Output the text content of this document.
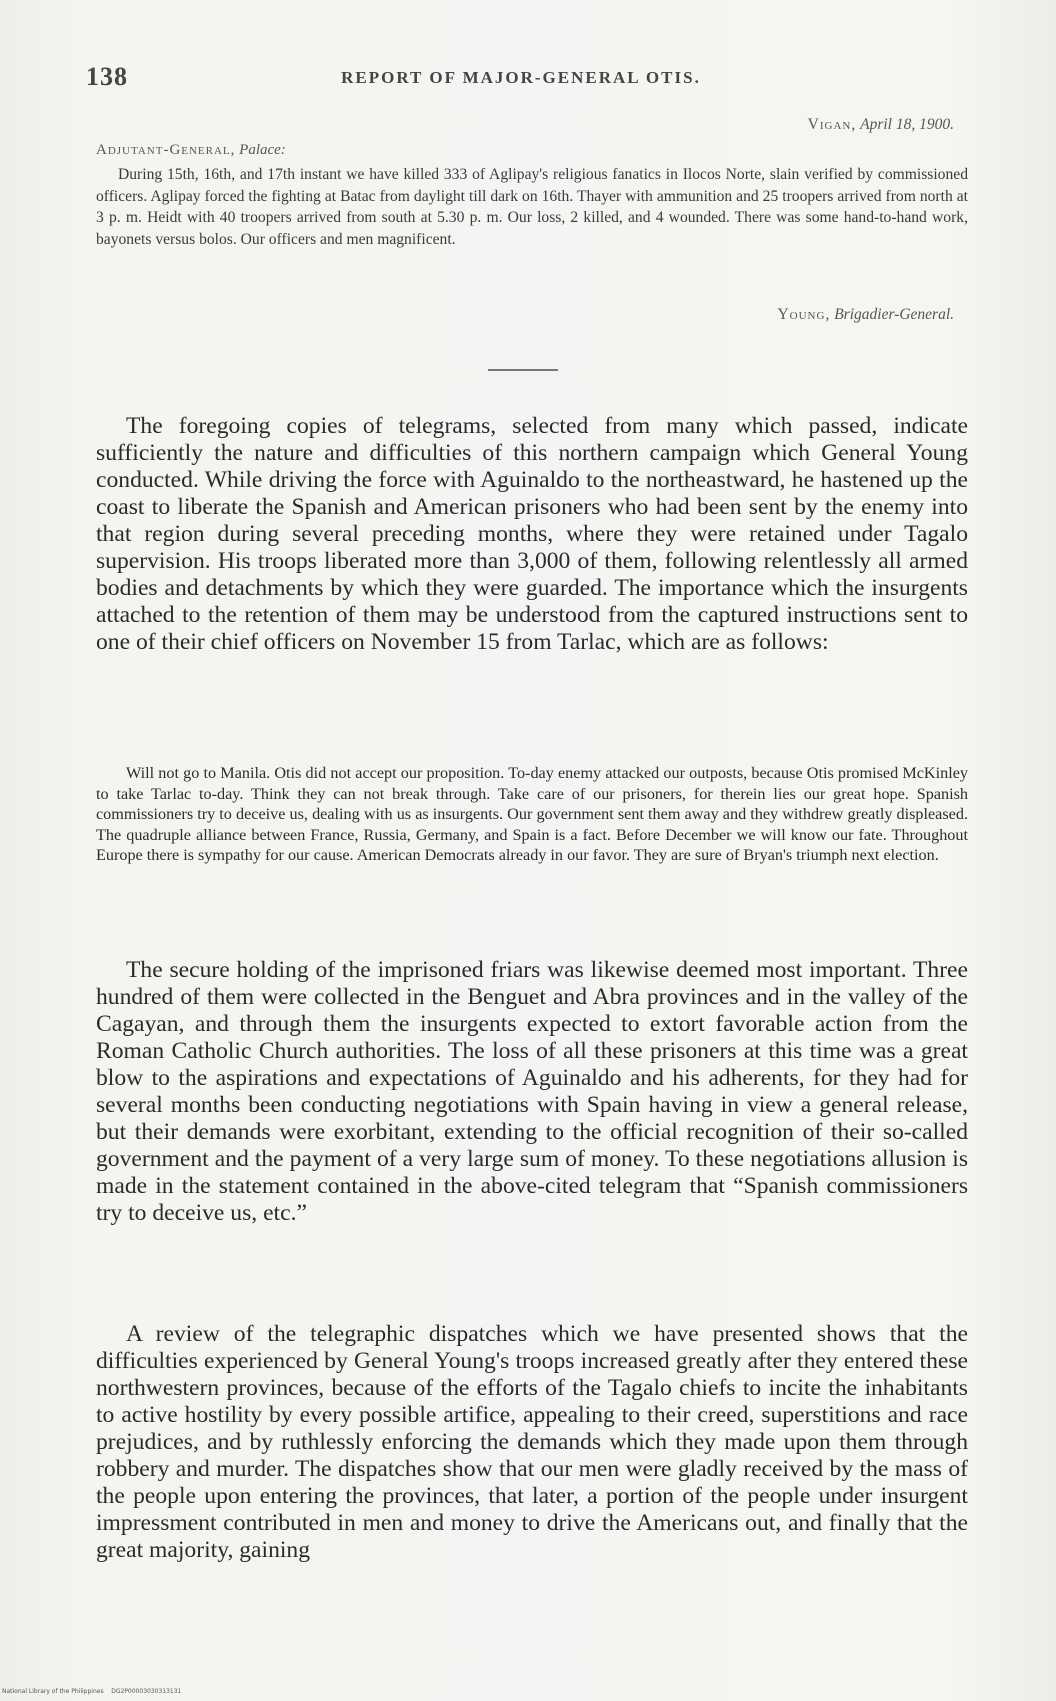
138	REPORT OF MAJOR-GENERAL OTIS.
Vigan, April 18, 1900.
Adjutant-General, Palace:
During 15th, 16th, and 17th instant we have killed 333 of Aglipay's religious fanatics in Ilocos Norte, slain verified by commissioned officers. Aglipay forced the fighting at Batac from daylight till dark on 16th. Thayer with ammunition and 25 troopers arrived from north at 3 p. m. Heidt with 40 troopers arrived from south at 5.30 p. m. Our loss, 2 killed, and 4 wounded. There was some hand-to-hand work, bayonets versus bolos. Our officers and men magnificent.
Young, Brigadier-General.
The foregoing copies of telegrams, selected from many which passed, indicate sufficiently the nature and difficulties of this northern campaign which General Young conducted. While driving the force with Aguinaldo to the northeastward, he hastened up the coast to liberate the Spanish and American prisoners who had been sent by the enemy into that region during several preceding months, where they were retained under Tagalo supervision. His troops liberated more than 3,000 of them, following relentlessly all armed bodies and detachments by which they were guarded. The importance which the insurgents attached to the retention of them may be understood from the captured instructions sent to one of their chief officers on November 15 from Tarlac, which are as follows:
Will not go to Manila. Otis did not accept our proposition. To-day enemy attacked our outposts, because Otis promised McKinley to take Tarlac to-day. Think they can not break through. Take care of our prisoners, for therein lies our great hope. Spanish commissioners try to deceive us, dealing with us as insurgents. Our government sent them away and they withdrew greatly displeased. The quadruple alliance between France, Russia, Germany, and Spain is a fact. Before December we will know our fate. Throughout Europe there is sympathy for our cause. American Democrats already in our favor. They are sure of Bryan's triumph next election.
The secure holding of the imprisoned friars was likewise deemed most important. Three hundred of them were collected in the Benguet and Abra provinces and in the valley of the Cagayan, and through them the insurgents expected to extort favorable action from the Roman Catholic Church authorities. The loss of all these prisoners at this time was a great blow to the aspirations and expectations of Aguinaldo and his adherents, for they had for several months been conducting negotiations with Spain having in view a general release, but their demands were exorbitant, extending to the official recognition of their so-called government and the payment of a very large sum of money. To these negotiations allusion is made in the statement contained in the above-cited telegram that “Spanish commissioners try to deceive us, etc.”
A review of the telegraphic dispatches which we have presented shows that the difficulties experienced by General Young's troops increased greatly after they entered these northwestern provinces, because of the efforts of the Tagalo chiefs to incite the inhabitants to active hostility by every possible artifice, appealing to their creed, superstitions and race prejudices, and by ruthlessly enforcing the demands which they made upon them through robbery and murder. The dispatches show that our men were gladly received by the mass of the people upon entering the provinces, that later, a portion of the people under insurgent impressment contributed in men and money to drive the Americans out, and finally that the great majority, gaining
National Library of the Philippines DG2P00003030313131
